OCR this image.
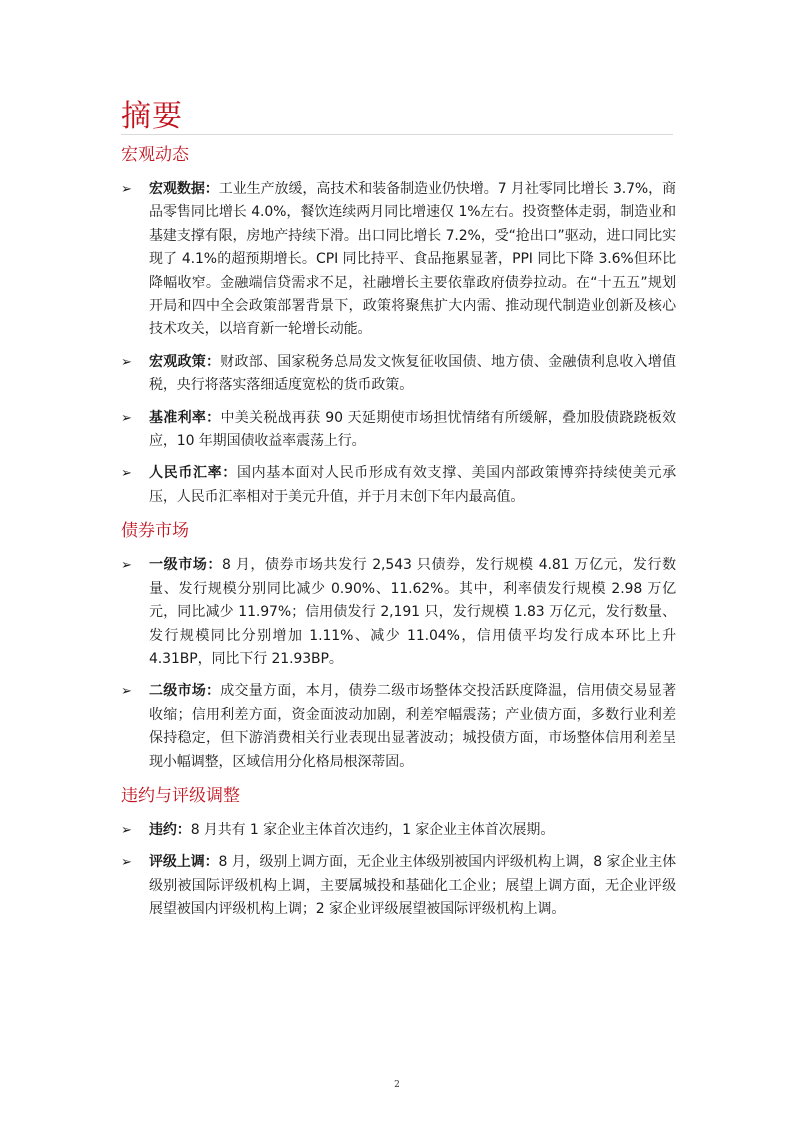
摘要
宏观动态
➢ 宏观数据：工业生产放缓，高技术和装备制造业仍快增。7 月社零同比增长 3.7%，商品零售同比增长 4.0%，餐饮连续两月同比增速仅 1%左右。投资整体走弱，制造业和基建支撑有限，房地产持续下滑。出口同比增长 7.2%，受“抢出口”驱动，进口同比实现了 4.1%的超预期增长。CPI 同比持平、食品拖累显著，PPI 同比下降 3.6%但环比降幅收窄。金融端信贷需求不足，社融增长主要依靠政府债券拉动。在“十五五”规划开局和四中全会政策部署背景下，政策将聚焦扩大内需、推动现代制造业创新及核心技术攻关，以培育新一轮增长动能。
➢ 宏观政策：财政部、国家税务总局发文恢复征收国债、地方债、金融债利息收入增值税，央行将落实落细适度宽松的货币政策。
➢ 基准利率：中美关税战再获 90 天延期使市场担忧情绪有所缓解，叠加股债跷跷板效应，10 年期国债收益率震荡上行。
➢ 人民币汇率：国内基本面对人民币形成有效支撑、美国内部政策博弈持续使美元承压，人民币汇率相对于美元升值，并于月末创下年内最高值。
债券市场
➢ 一级市场：8 月，债券市场共发行 2,543 只债券，发行规模 4.81 万亿元，发行数量、发行规模分别同比减少 0.90%、11.62%。其中，利率债发行规模 2.98 万亿元，同比减少 11.97%；信用债发行 2,191 只，发行规模 1.83 万亿元，发行数量、发行规模同比分别增加 1.11%、减少 11.04%，信用债平均发行成本环比上升 4.31BP，同比下行 21.93BP。
➢ 二级市场：成交量方面，本月，债券二级市场整体交投活跃度降温，信用债交易显著收缩；信用利差方面，资金面波动加剧，利差窄幅震荡；产业债方面，多数行业利差保持稳定，但下游消费相关行业表现出显著波动；城投债方面，市场整体信用利差呈现小幅调整，区域信用分化格局根深蒂固。
违约与评级调整
➢ 违约：8 月共有 1 家企业主体首次违约，1 家企业主体首次展期。
➢ 评级上调：8 月，级别上调方面，无企业主体级别被国内评级机构上调，8 家企业主体级别被国际评级机构上调，主要属城投和基础化工企业；展望上调方面，无企业评级展望被国内评级机构上调；2 家企业评级展望被国际评级机构上调。
2
